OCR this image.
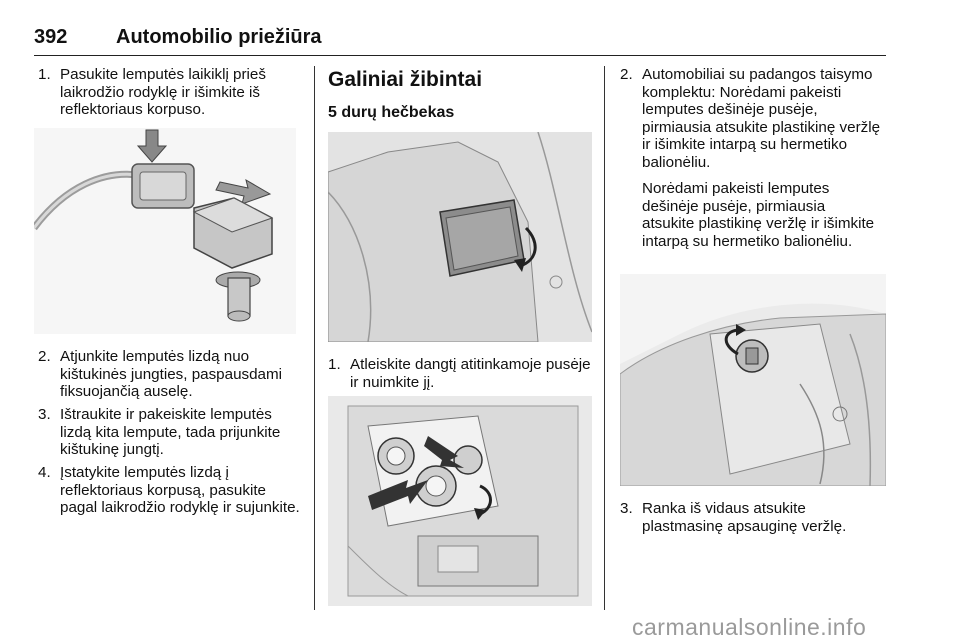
392 Automobilio priežiūra
1. Pasukite lemputės laikiklį prieš laikrodžio rodyklę ir išimkite iš reflektoriaus korpuso.
2. Atjunkite lemputės lizdą nuo kištukinės jungties, paspausdami fiksuojančią auselę.
3. Ištraukite ir pakeiskite lemputės lizdą kita lempute, tada prijunkite kištukinę jungtį.
4. Įstatykite lemputės lizdą į reflektoriaus korpusą, pasukite pagal laikrodžio rodyklę ir sujunkite.
Galiniai žibintai
5 durų hečbekas
1. Atleiskite dangtį atitinkamoje pusėje ir nuimkite jį.
2. Automobiliai su padangos taisymo komplektu: Norėdami pakeisti lemputes dešinėje pusėje, pirmiausia atsukite plastikinę veržlę ir išimkite intarpą su hermetiko balionėliu.
Norėdami pakeisti lemputes dešinėje pusėje, pirmiausia atsukite plastikinę veržlę ir išimkite intarpą su hermetiko balionėliu.
3. Ranka iš vidaus atsukite plastmasinę apsauginę veržlę.
carmanualsonline.info
